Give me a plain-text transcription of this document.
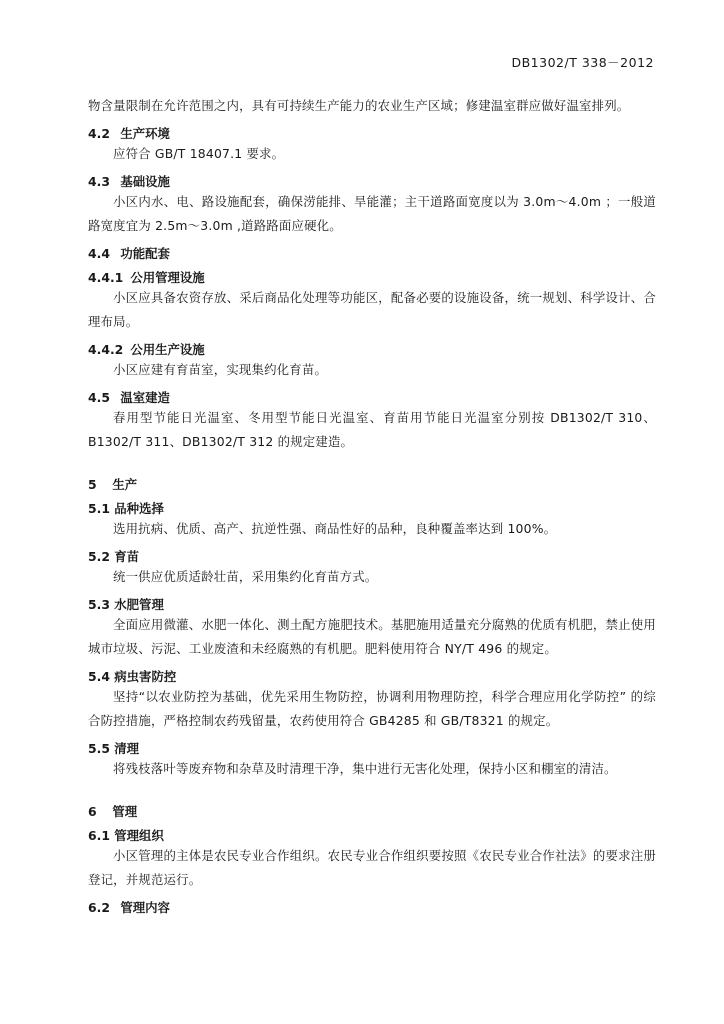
DB1302/T 338－2012

物含量限制在允许范围之内，具有可持续生产能力的农业生产区域；修建温室群应做好温室排列。

4.2 生产环境

应符合 GB/T 18407.1 要求。

4.3 基础设施

小区内水、电、路设施配套，确保涝能排、旱能灌；主干道路面宽度以为 3.0m～4.0m ；一般道路宽度宜为 2.5m～3.0m ,道路路面应硬化。

4.4 功能配套
4.4.1 公用管理设施

小区应具备农资存放、采后商品化处理等功能区，配备必要的设施设备，统一规划、科学设计、合理布局。

4.4.2 公用生产设施

小区应建有育苗室，实现集约化育苗。

4.5 温室建造

春用型节能日光温室、冬用型节能日光温室、育苗用节能日光温室分别按 DB1302/T 310、B1302/T 311、DB1302/T 312 的规定建造。

5 生产
5.1 品种选择

选用抗病、优质、高产、抗逆性强、商品性好的品种，良种覆盖率达到 100%。

5.2 育苗

统一供应优质适龄壮苗，采用集约化育苗方式。

5.3 水肥管理

全面应用微灌、水肥一体化、测土配方施肥技术。基肥施用适量充分腐熟的优质有机肥，禁止使用城市垃圾、污泥、工业废渣和未经腐熟的有机肥。肥料使用符合 NY/T 496 的规定。

5.4 病虫害防控

坚持“以农业防控为基础，优先采用生物防控，协调利用物理防控，科学合理应用化学防控” 的综合防控措施，严格控制农药残留量，农药使用符合 GB4285 和 GB/T8321 的规定。

5.5 清理

将残枝落叶等废弃物和杂草及时清理干净，集中进行无害化处理，保持小区和棚室的清洁。

6 管理
6.1 管理组织

小区管理的主体是农民专业合作组织。农民专业合作组织要按照《农民专业合作社法》的要求注册登记，并规范运行。

6.2 管理内容
